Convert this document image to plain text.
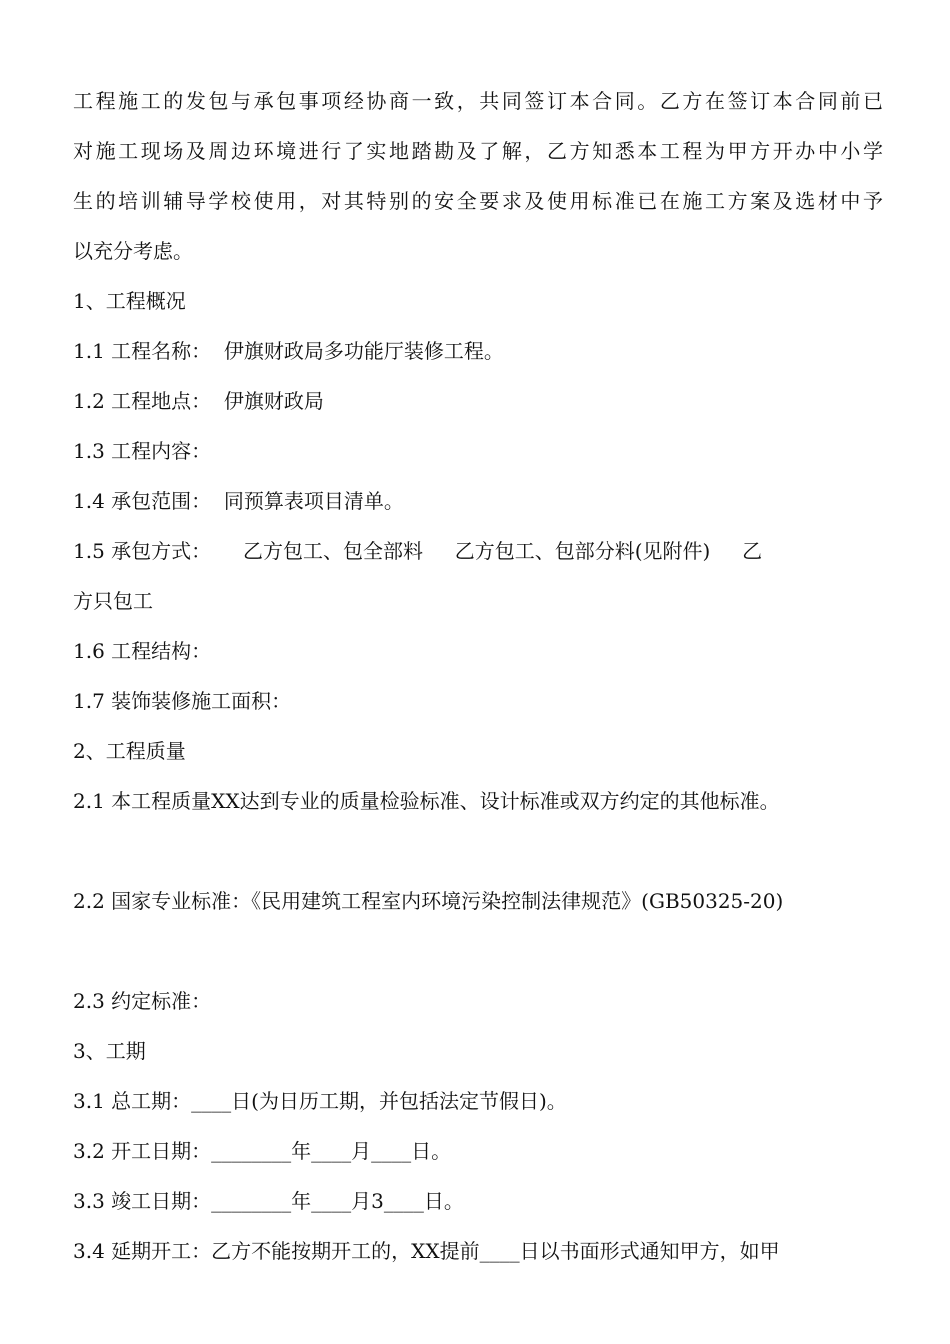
工程施工的发包与承包事项经协商一致，共同签订本合同。乙方在签订本合同前已
对施工现场及周边环境进行了实地踏勘及了解，乙方知悉本工程为甲方开办中小学
生的培训辅导学校使用，对其特别的安全要求及使用标准已在施工方案及选材中予
以充分考虑。
1、工程概况
1.1 工程名称：  伊旗财政局多功能厅装修工程。
1.2 工程地点：  伊旗财政局
1.3 工程内容：
1.4 承包范围：  同预算表项目清单。
1.5 承包方式：     乙方包工、包全部料     乙方包工、包部分料(见附件)     乙
方只包工
1.6 工程结构：
1.7 装饰装修施工面积：
2、工程质量
2.1 本工程质量XX达到专业的质量检验标准、设计标准或双方约定的其他标准。
2.2 国家专业标准：《民用建筑工程室内环境污染控制法律规范》(GB50325-20)
2.3 约定标准：
3、工期
3.1 总工期：____日(为日历工期，并包括法定节假日)。
3.2 开工日期：________年____月____日。
3.3 竣工日期：________年____月3____日。
3.4 延期开工：乙方不能按期开工的，XX提前____日以书面形式通知甲方，如甲
